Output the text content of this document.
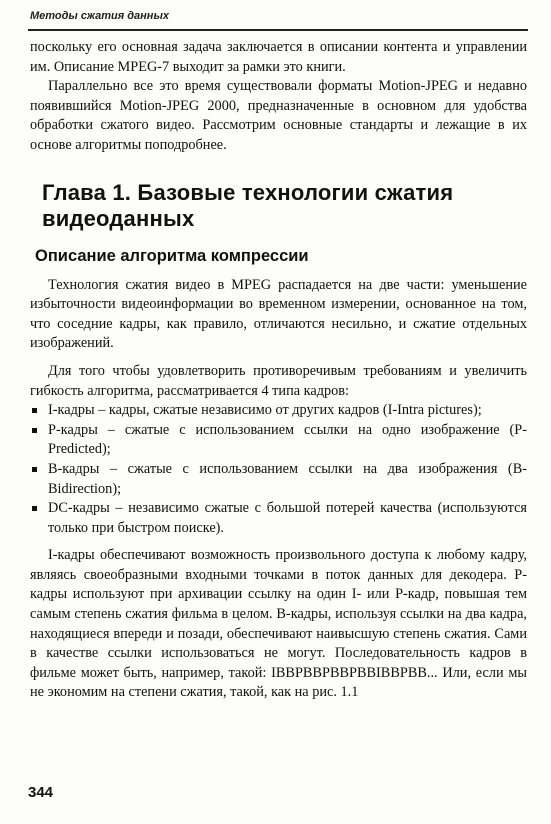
Методы сжатия данных

поскольку его основная задача заключается в описании контента и управлении им. Описание MPEG-7 выходит за рамки это книги.

Параллельно все это время существовали форматы Motion-JPEG и недавно появившийся Motion-JPEG 2000, предназначенные в основном для удобства обработки сжатого видео. Рассмотрим основные стандарты и лежащие в их основе алгоритмы поподробнее.

Глава 1. Базовые технологии сжатия видеоданных
Описание алгоритма компрессии

Технология сжатия видео в MPEG распадается на две части: уменьшение избыточности видеоинформации во временном измерении, основанное на том, что соседние кадры, как правило, отличаются несильно, и сжатие отдельных изображений.

Для того чтобы удовлетворить противоречивым требованиям и увеличить гибкость алгоритма, рассматривается 4 типа кадров:

I-кадры – кадры, сжатые независимо от других кадров (I-Intra pictures);
P-кадры – сжатые с использованием ссылки на одно изображение (P-Predicted);
B-кадры – сжатые с использованием ссылки на два изображения (B-Bidirection);
DC-кадры – независимо сжатые с большой потерей качества (используются только при быстром поиске).

I-кадры обеспечивают возможность произвольного доступа к любому кадру, являясь своеобразными входными точками в поток данных для декодера. P-кадры используют при архивации ссылку на один I- или P-кадр, повышая тем самым степень сжатия фильма в целом. B-кадры, используя ссылки на два кадра, находящиеся впереди и позади, обеспечивают наивысшую степень сжатия. Сами в качестве ссылки использоваться не могут. Последовательность кадров в фильме может быть, например, такой: IBBPBBPBBPBBIBBPBB... Или, если мы не экономим на степени сжатия, такой, как на рис. 1.1

344
